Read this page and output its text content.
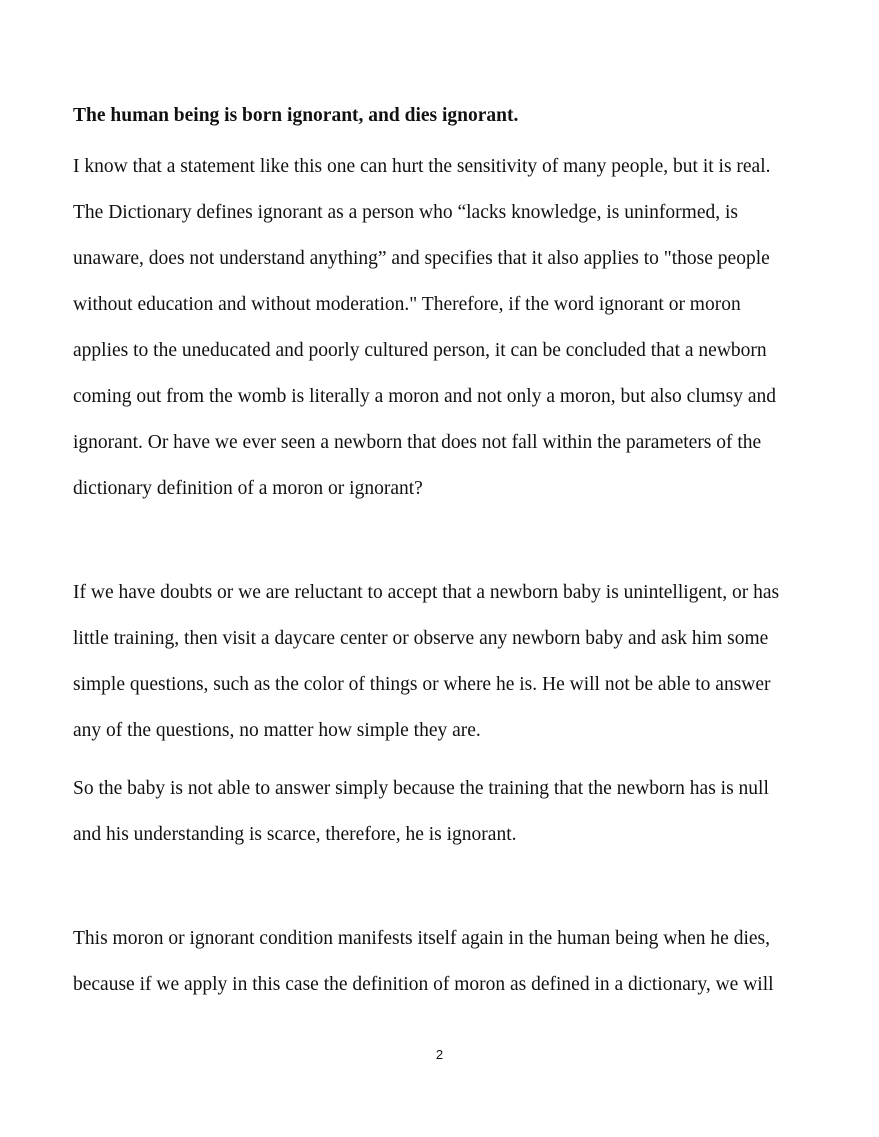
The human being is born ignorant, and dies ignorant.

I know that a statement like this one can hurt the sensitivity of many people, but it is real.
The Dictionary defines ignorant as a person who “lacks knowledge, is uninformed, is
unaware, does not understand anything” and specifies that it also applies to "those people
without education and without moderation." Therefore, if the word ignorant or moron
applies to the uneducated and poorly cultured person, it can be concluded that a newborn
coming out from the womb is literally a moron and not only a moron, but also clumsy and
ignorant. Or have we ever seen a newborn that does not fall within the parameters of the
dictionary definition of a moron or ignorant?

If we have doubts or we are reluctant to accept that a newborn baby is unintelligent, or has
little training, then visit a daycare center or observe any newborn baby and ask him some
simple questions, such as the color of things or where he is. He will not be able to answer
any of the questions, no matter how simple they are.

So the baby is not able to answer simply because the training that the newborn has is null
and his understanding is scarce, therefore, he is ignorant.

This moron or ignorant condition manifests itself again in the human being when he dies,
because if we apply in this case the definition of moron as defined in a dictionary, we will

2
